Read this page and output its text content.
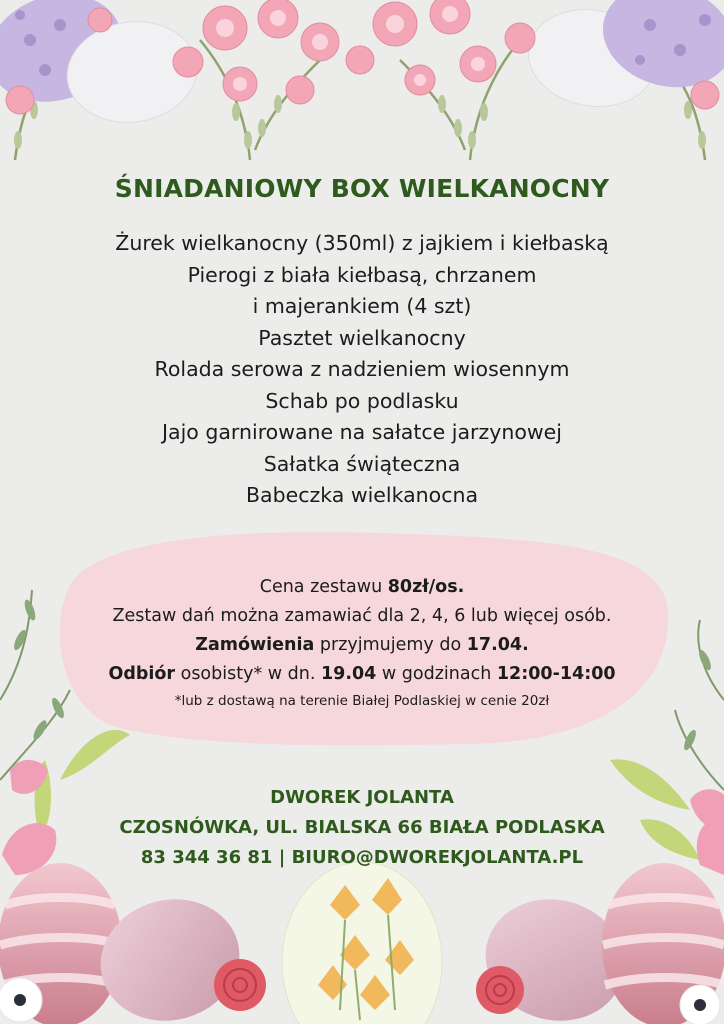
ŚNIADANIOWY BOX WIELKANOCNY
Żurek wielkanocny (350ml) z jajkiem i kiełbaską
Pierogi z biała kiełbasą, chrzanem
i majerankiem (4 szt)
Pasztet wielkanocny
Rolada serowa z nadzieniem wiosennym
Schab po podlasku
Jajo garnirowane na sałatce jarzynowej
Sałatka świąteczna
Babeczka wielkanocna
Cena zestawu 80zł/os.
Zestaw dań można zamawiać dla 2, 4, 6 lub więcej osób.
Zamówienia przyjmujemy do 17.04.
Odbiór osobisty* w dn. 19.04 w godzinach 12:00-14:00
*lub z dostawą na terenie Białej Podlaskiej w cenie 20zł
DWOREK JOLANTA
CZOSNÓWKA, UL. BIALSKA 66 BIAŁA PODLASKA
83 344 36 81 | BIURO@DWOREKJOLANTA.PL
